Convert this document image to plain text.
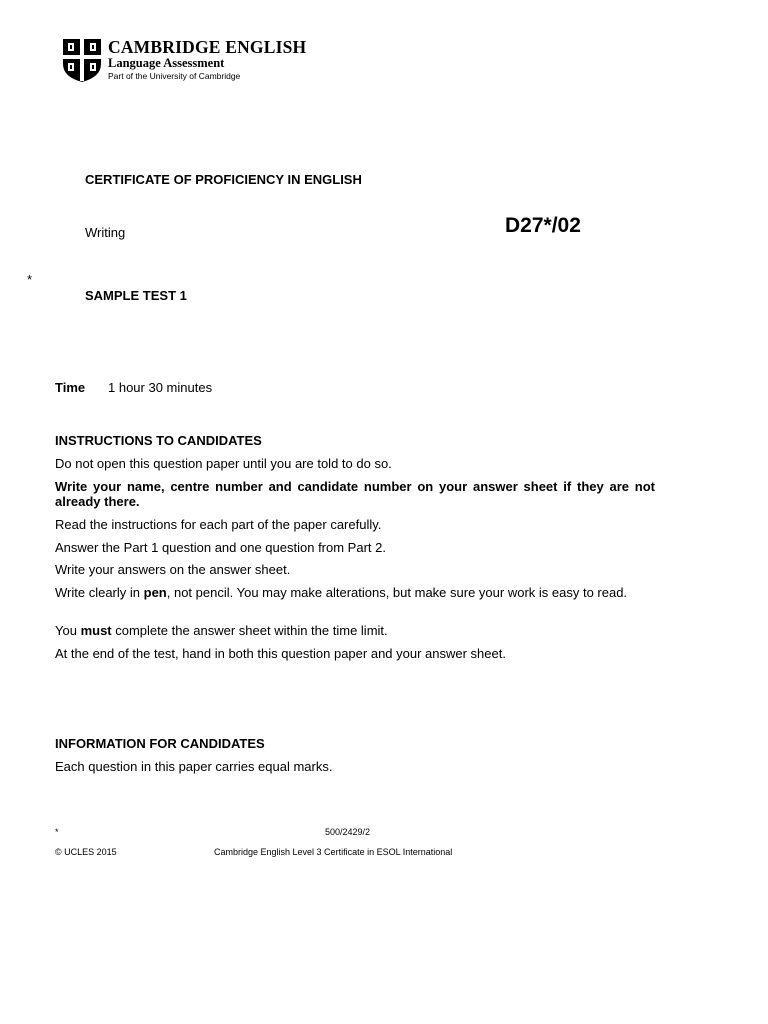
CAMBRIDGE ENGLISH
Language Assessment
Part of the University of Cambridge
CERTIFICATE OF PROFICIENCY IN ENGLISH
Writing	D27*/02
*
SAMPLE TEST 1
Time 1 hour 30 minutes
INSTRUCTIONS TO CANDIDATES
Do not open this question paper until you are told to do so.
Write your name, centre number and candidate number on your answer sheet if they are not already there.
Read the instructions for each part of the paper carefully.
Answer the Part 1 question and one question from Part 2.
Write your answers on the answer sheet.
Write clearly in pen, not pencil. You may make alterations, but make sure your work is easy to read.
You must complete the answer sheet within the time limit.
At the end of the test, hand in both this question paper and your answer sheet.
INFORMATION FOR CANDIDATES
Each question in this paper carries equal marks.
*	500/2429/2
© UCLES 2015	Cambridge English Level 3 Certificate in ESOL International
